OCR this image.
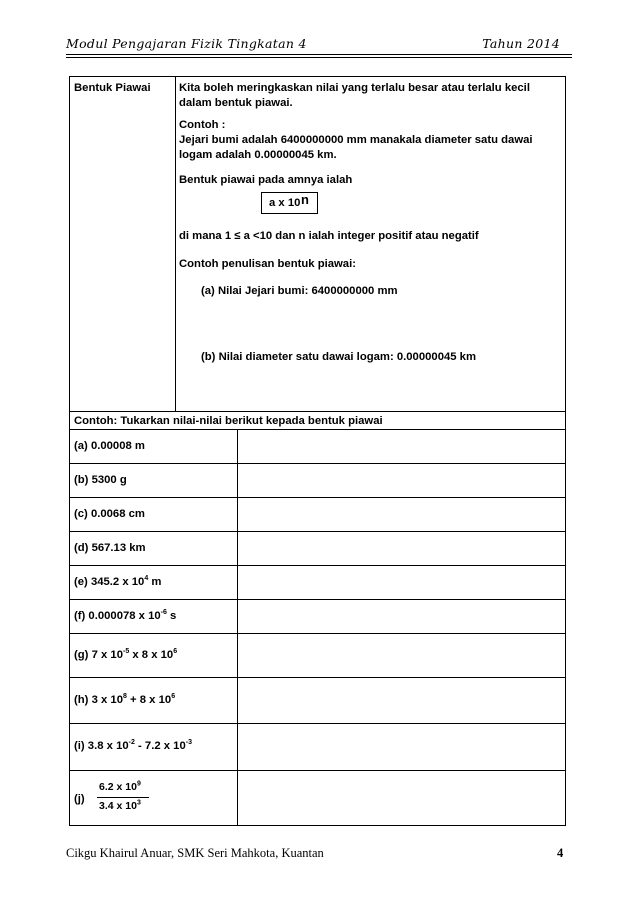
Modul Pengajaran Fizik Tingkatan 4	Tahun 2014
Bentuk Piawai	Kita boleh meringkaskan nilai yang terlalu besar atau terlalu kecil
dalam bentuk piawai.
Contoh :
Jejari bumi adalah 6400000000 mm manakala diameter satu dawai
logam adalah 0.00000045 km.
Bentuk piawai pada amnya ialah
a x 10 n
di mana 1 ≤ a <10 dan n ialah integer positif atau negatif
Contoh penulisan bentuk piawai:
(a) Nilai Jejari bumi: 6400000000 mm
(b) Nilai diameter satu dawai logam: 0.00000045 km
Contoh: Tukarkan nilai-nilai berikut kepada bentuk piawai
(a) 0.00008 m
(b) 5300 g
(c) 0.0068 cm
(d) 567.13 km
(e) 345.2 x $10^4$ m
(f) 0.000078 x $10^{-6}$ s
(g) 7 x $10^{-5}$ x 8 x $10^6$
(h) 3 x $10^8 + 8$ x $10^6$
(i) 3.8 x $10^{-2} - 7.2$ x $10^{-3}$
(j)
6.2 x $10^9$
3.4 x $10^3$
Cikgu Khairul Anuar, SMK Seri Mahkota, Kuantan	4
